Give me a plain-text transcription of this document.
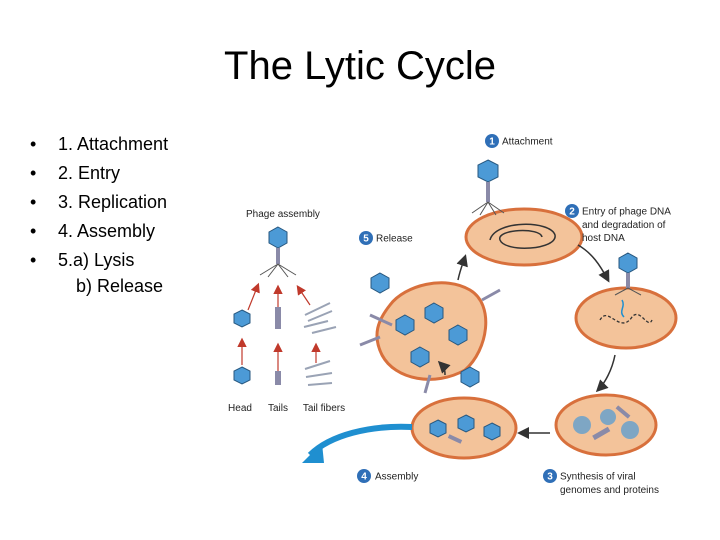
The Lytic Cycle
• 1. Attachment
• 2. Entry
• 3. Replication
• 4. Assembly
• 5.a) Lysis
b) Release
1 Attachment
2 Entry of phage DNA
and degradation of
host DNA
3 Synthesis of viral
genomes and proteins
4 Assembly
5 Release
Phage assembly
Head Tails Tail fibers
